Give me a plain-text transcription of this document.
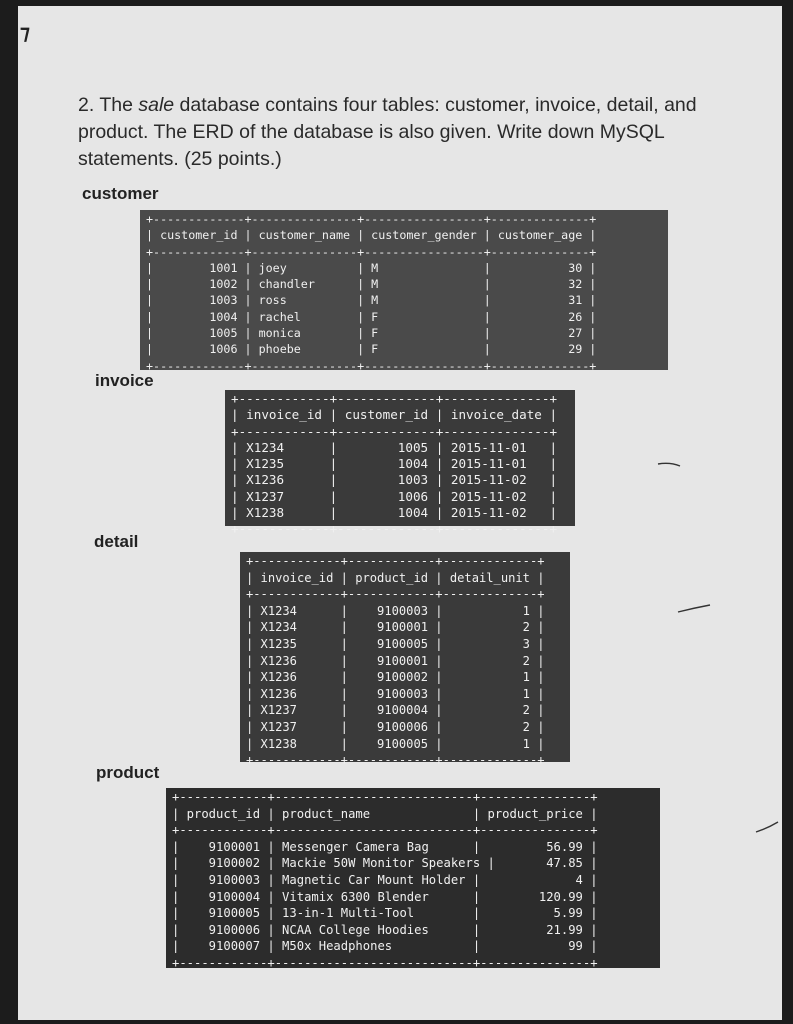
⁊
2. The sale database contains four tables: customer, invoice, detail, and product. The ERD of the database is also given. Write down MySQL statements. (25 points.)
customer
+-------------+---------------+-----------------+--------------+
| customer_id | customer_name | customer_gender | customer_age |
+-------------+---------------+-----------------+--------------+
|        1001 | joey          | M               |           30 |
|        1002 | chandler      | M               |           32 |
|        1003 | ross          | M               |           31 |
|        1004 | rachel        | F               |           26 |
|        1005 | monica        | F               |           27 |
|        1006 | phoebe        | F               |           29 |
+-------------+---------------+-----------------+--------------+
invoice
+------------+-------------+--------------+
| invoice_id | customer_id | invoice_date |
+------------+-------------+--------------+
| X1234      |        1005 | 2015-11-01   |
| X1235      |        1004 | 2015-11-01   |
| X1236      |        1003 | 2015-11-02   |
| X1237      |        1006 | 2015-11-02   |
| X1238      |        1004 | 2015-11-02   |
+------------+-------------+--------------+
detail
+------------+------------+-------------+
| invoice_id | product_id | detail_unit |
+------------+------------+-------------+
| X1234      |    9100003 |           1 |
| X1234      |    9100001 |           2 |
| X1235      |    9100005 |           3 |
| X1236      |    9100001 |           2 |
| X1236      |    9100002 |           1 |
| X1236      |    9100003 |           1 |
| X1237      |    9100004 |           2 |
| X1237      |    9100006 |           2 |
| X1238      |    9100005 |           1 |
+------------+------------+-------------+
product
+------------+---------------------------+---------------+
| product_id | product_name              | product_price |
+------------+---------------------------+---------------+
|    9100001 | Messenger Camera Bag      |         56.99 |
|    9100002 | Mackie 50W Monitor Speakers |       47.85 |
|    9100003 | Magnetic Car Mount Holder |             4 |
|    9100004 | Vitamix 6300 Blender      |        120.99 |
|    9100005 | 13-in-1 Multi-Tool        |          5.99 |
|    9100006 | NCAA College Hoodies      |         21.99 |
|    9100007 | M50x Headphones           |            99 |
+------------+---------------------------+---------------+
